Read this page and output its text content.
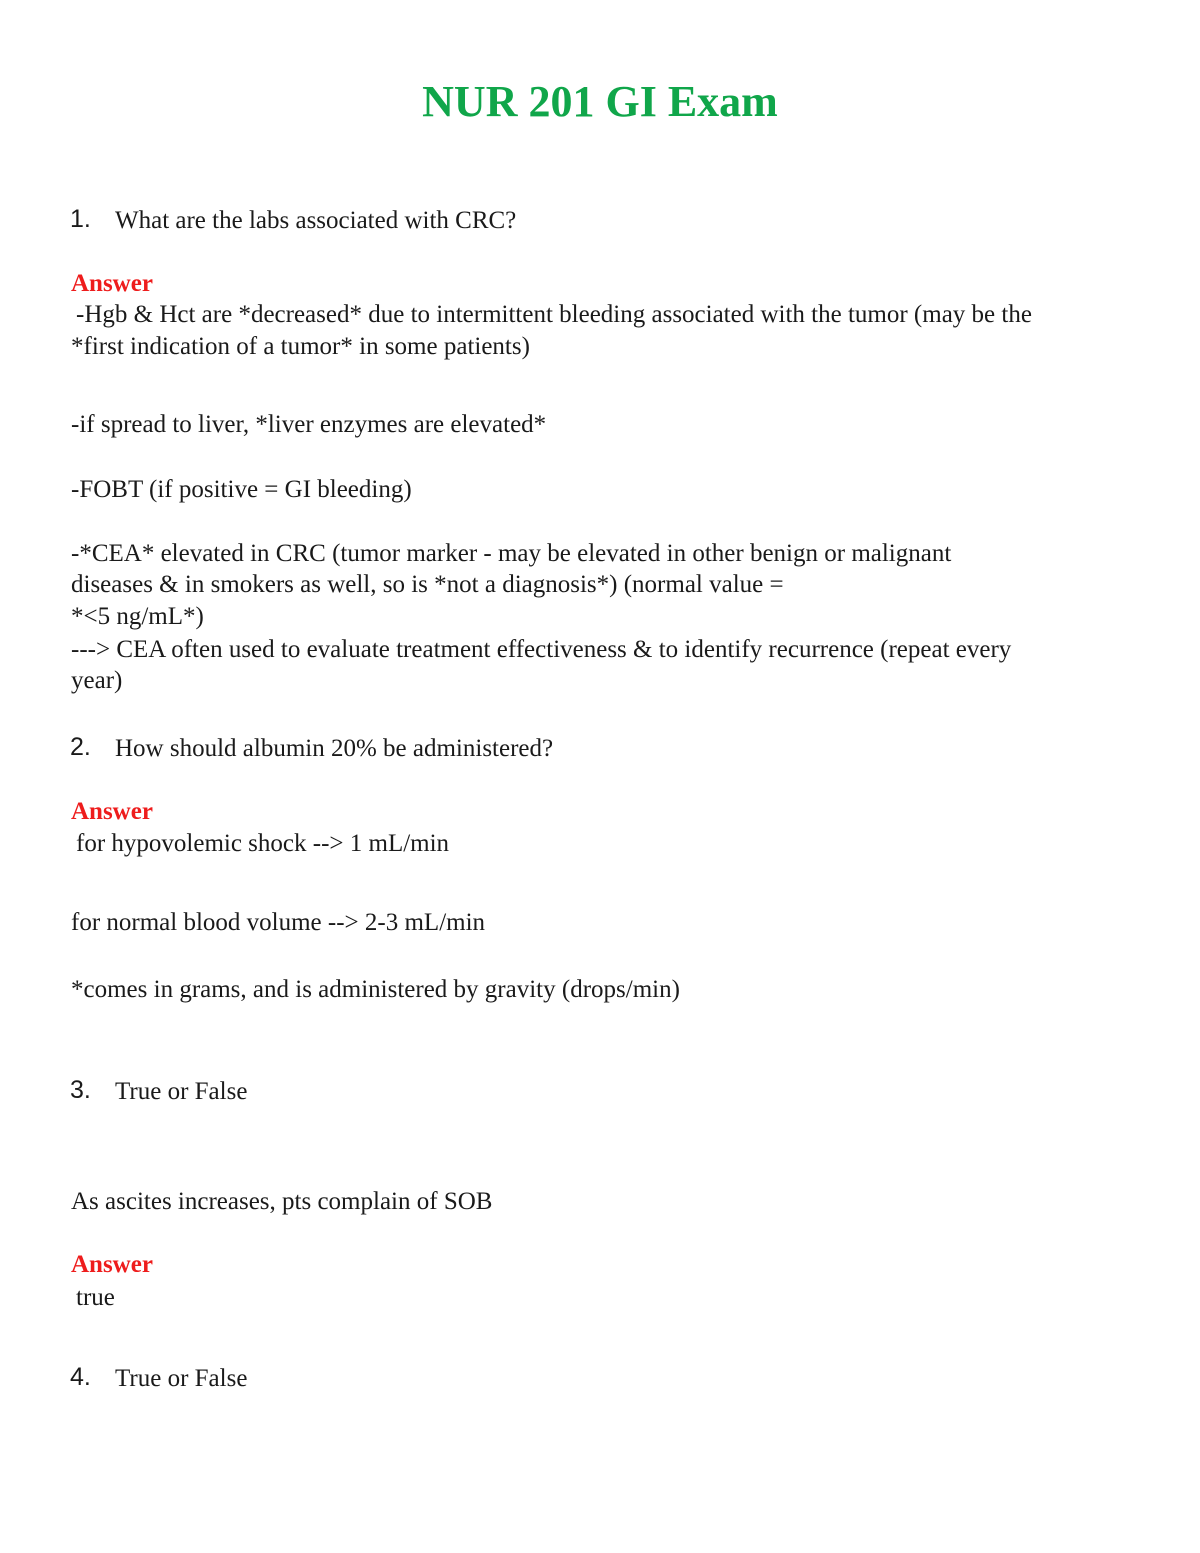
NUR 201 GI Exam
1. What are the labs associated with CRC?
Answer
-Hgb & Hct are *decreased* due to intermittent bleeding associated with the tumor (may be the
*first indication of a tumor* in some patients)
-if spread to liver, *liver enzymes are elevated*
-FOBT (if positive = GI bleeding)
-*CEA* elevated in CRC (tumor marker - may be elevated in other benign or malignant
diseases & in smokers as well, so is *not a diagnosis*) (normal value =
*<5 ng/mL*)
---> CEA often used to evaluate treatment effectiveness & to identify recurrence (repeat every
year)
2. How should albumin 20% be administered?
Answer
for hypovolemic shock --> 1 mL/min
for normal blood volume --> 2-3 mL/min
*comes in grams, and is administered by gravity (drops/min)
3. True or False
As ascites increases, pts complain of SOB
Answer
true
4. True or False
